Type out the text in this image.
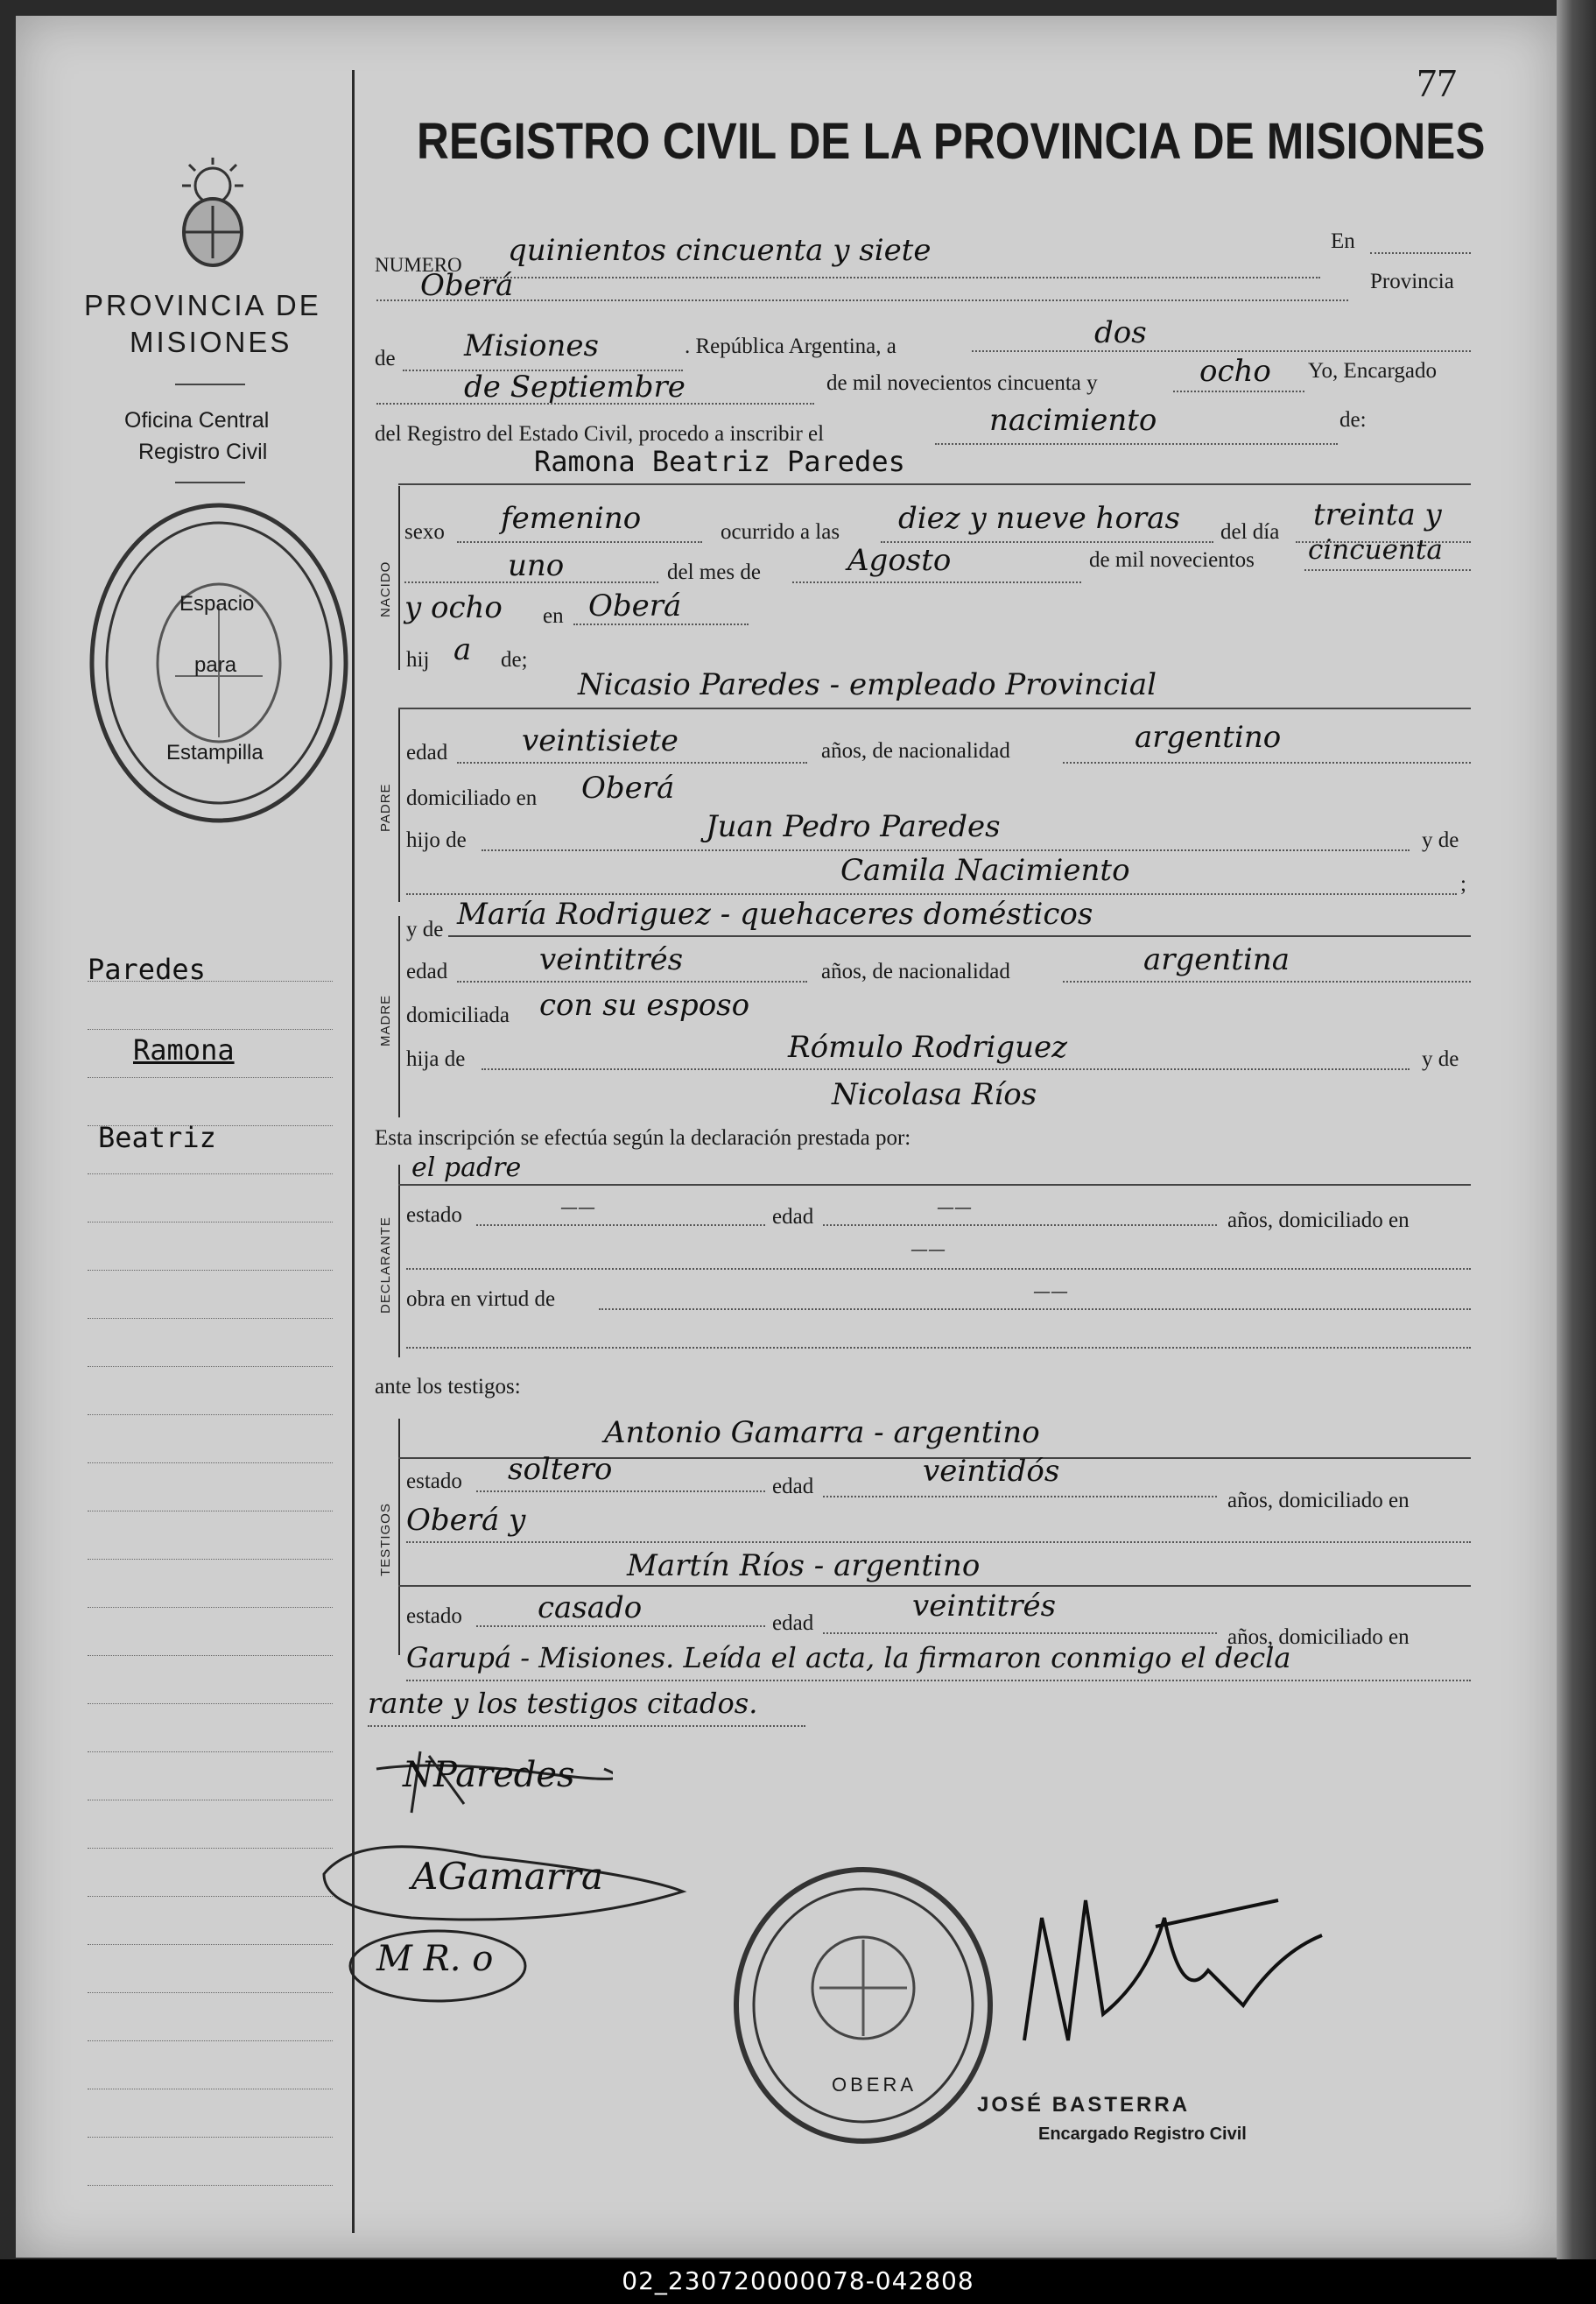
77
REGISTRO CIVIL DE LA PROVINCIA DE MISIONES
PROVINCIA DE
MISIONES
Oficina Central
Registro Civil
Espacio
para
Estampilla
Paredes
Ramona
Beatriz
NUMERO quinientos cincuenta y siete	En
Oberá	Provincia
de Misiones	. República Argentina, a	dos
de Septiembre	de mil novecientos cincuenta y	ocho Yo, Encargado
del Registro del Estado Civil, procedo a inscribir el	nacimiento	de:
NACIDO
Ramona Beatriz Paredes
sexo femenino	ocurrido a las diez y nueve horas del día treinta y
uno	del mes de	Agosto	de mil novecientos cincuenta
y ocho en Oberá
hij a de;
PADRE
Nicasio Paredes - empleado Provincial
edad veintisiete	años, de nacionalidad	argentino
domiciliado en Oberá
hijo de	Juan Pedro Paredes	y de
Camila Nacimiento	;
MADRE
y de María Rodriguez - quehaceres domésticos
edad	veintitrés	años, de nacionalidad	argentina
domiciliada con su esposo
hija de	Rómulo Rodriguez	y de
Nicolasa Ríos
Esta inscripción se efectúa según la declaración prestada por:
DECLARANTE
el padre
estado	——	edad	——
años, domiciliado en
——
obra en virtud de	——
ante los testigos:
TESTIGOS
Antonio Gamarra - argentino
estado soltero	edad	veintidós
años, domiciliado en
Oberá y
Martín Ríos - argentino
estado	casado	edad	veintitrés
años, domiciliado en
Garupá - Misiones. Leída el acta, la firmaron conmigo el decla
rante y los testigos citados.
NParedes
AGamarra
M R. o
OBERA
JOSÉ BASTERRA
Encargado Registro Civil
02_230720000078-042808
